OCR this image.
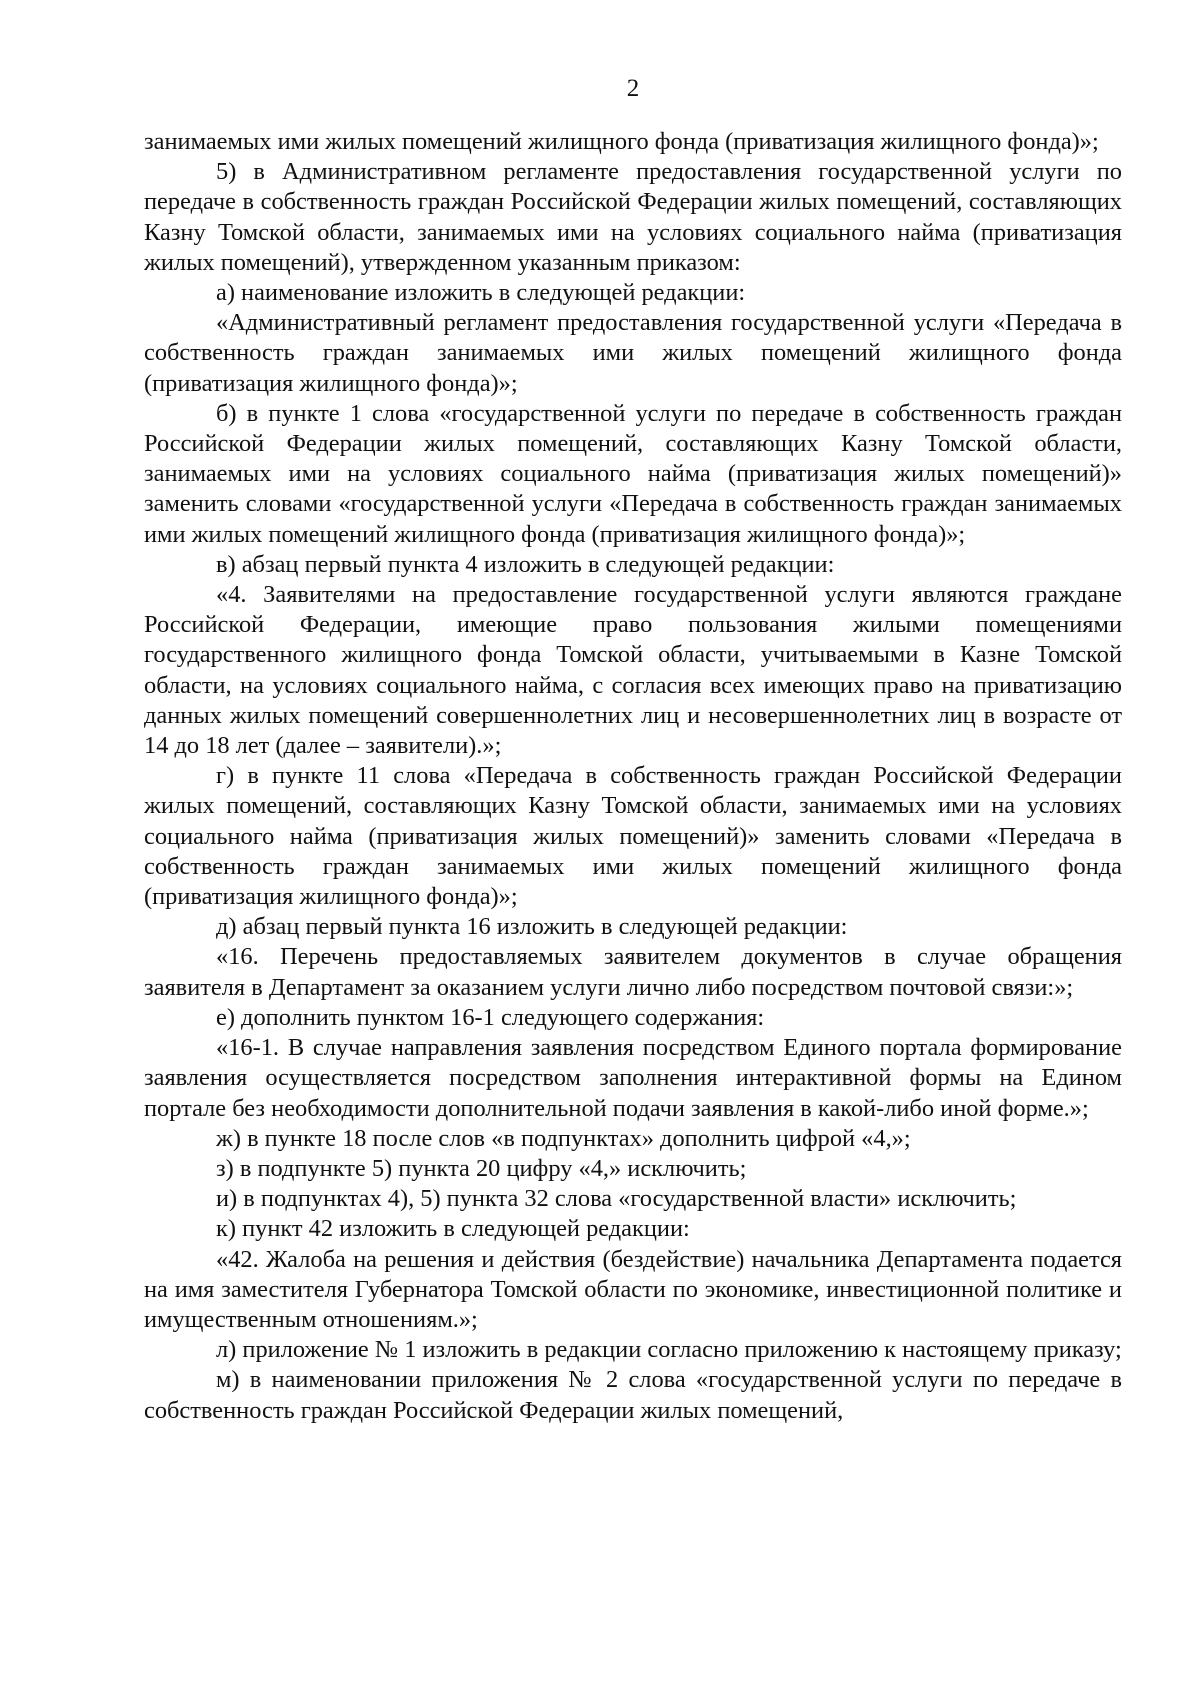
2

занимаемых ими жилых помещений жилищного фонда (приватизация жилищного фонда)»;

5) в Административном регламенте предоставления государственной услуги по передаче в собственность граждан Российской Федерации жилых помещений, составляющих Казну Томской области, занимаемых ими на условиях социального найма (приватизация жилых помещений), утвержденном указанным приказом:

а) наименование изложить в следующей редакции:

«Административный регламент предоставления государственной услуги «Передача в собственность граждан занимаемых ими жилых помещений жилищного фонда (приватизация жилищного фонда)»;

б) в пункте 1 слова «государственной услуги по передаче в собственность граждан Российской Федерации жилых помещений, составляющих Казну Томской области, занимаемых ими на условиях социального найма (приватизация жилых помещений)» заменить словами «государственной услуги «Передача в собственность граждан занимаемых ими жилых помещений жилищного фонда (приватизация жилищного фонда)»;

в) абзац первый пункта 4 изложить в следующей редакции:

«4. Заявителями на предоставление государственной услуги являются граждане Российской Федерации, имеющие право пользования жилыми помещениями государственного жилищного фонда Томской области, учитываемыми в Казне Томской области, на условиях социального найма, с согласия всех имеющих право на приватизацию данных жилых помещений совершеннолетних лиц и несовершеннолетних лиц в возрасте от 14 до 18 лет (далее – заявители).»;

г) в пункте 11 слова «Передача в собственность граждан Российской Федерации жилых помещений, составляющих Казну Томской области, занимаемых ими на условиях социального найма (приватизация жилых помещений)» заменить словами «Передача в собственность граждан занимаемых ими жилых помещений жилищного фонда (приватизация жилищного фонда)»;

д) абзац первый пункта 16 изложить в следующей редакции:

«16. Перечень предоставляемых заявителем документов в случае обращения заявителя в Департамент за оказанием услуги лично либо посредством почтовой связи:»;

е) дополнить пунктом 16-1 следующего содержания:

«16-1. В случае направления заявления посредством Единого портала формирование заявления осуществляется посредством заполнения интерактивной формы на Едином портале без необходимости дополнительной подачи заявления в какой-либо иной форме.»;

ж) в пункте 18 после слов «в подпунктах» дополнить цифрой «4,»;

з) в подпункте 5) пункта 20 цифру «4,» исключить;

и) в подпунктах 4), 5) пункта 32 слова «государственной власти» исключить;

к) пункт 42 изложить в следующей редакции:

«42. Жалоба на решения и действия (бездействие) начальника Департамента подается на имя заместителя Губернатора Томской области по экономике, инвестиционной политике и имущественным отношениям.»;

л) приложение № 1 изложить в редакции согласно приложению к настоящему приказу;

м) в наименовании приложения № 2 слова «государственной услуги по передаче в собственность граждан Российской Федерации жилых помещений,
